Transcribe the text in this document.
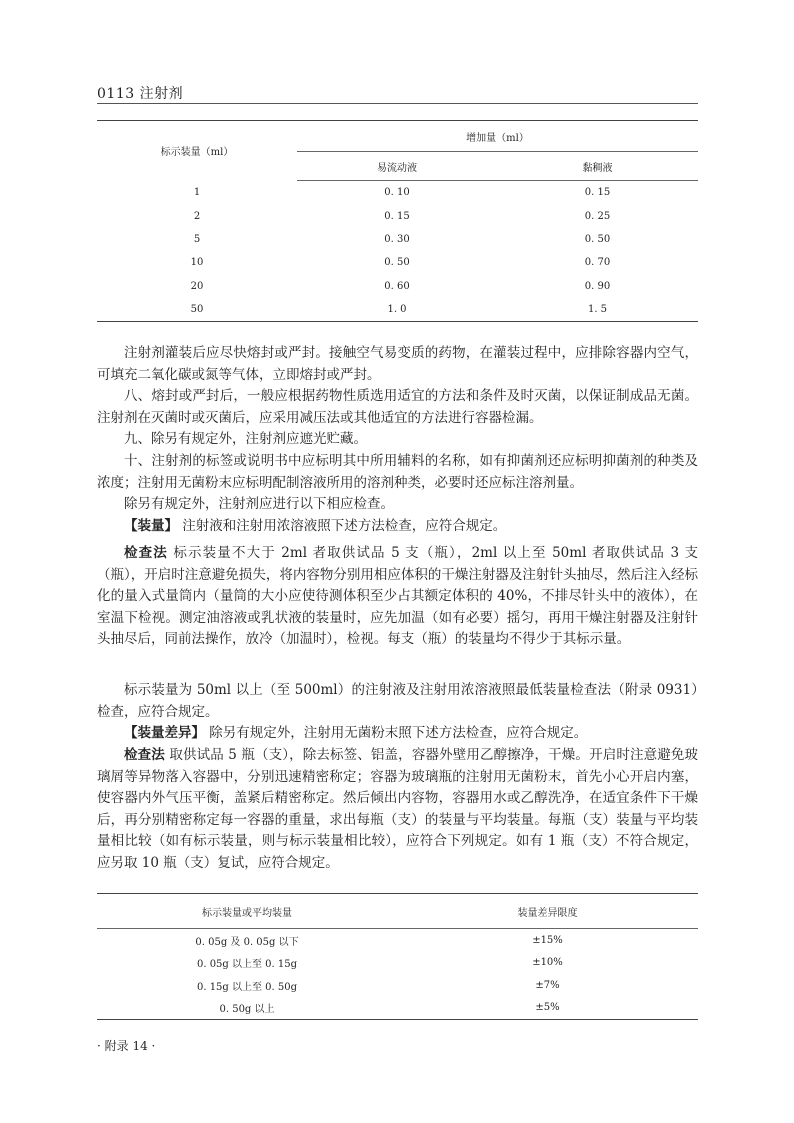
0113 注射剂
标示装量（ml）	增加量（ml）	
	易流动液	黏稠液
1	0. 10	0. 15
2	0. 15	0. 25
5	0. 30	0. 50
10	0. 50	0. 70
20	0. 60	0. 90
50	1. 0	1. 5

注射剂灌装后应尽快熔封或严封。接触空气易变质的药物，在灌装过程中，应排除容器内空气，可填充二氧化碳或氮等气体，立即熔封或严封。

八、熔封或严封后，一般应根据药物性质选用适宜的方法和条件及时灭菌，以保证制成品无菌。注射剂在灭菌时或灭菌后，应采用减压法或其他适宜的方法进行容器检漏。

九、除另有规定外，注射剂应遮光贮藏。

十、注射剂的标签或说明书中应标明其中所用辅料的名称，如有抑菌剂还应标明抑菌剂的种类及浓度；注射用无菌粉末应标明配制溶液所用的溶剂种类，必要时还应标注溶剂量。

除另有规定外，注射剂应进行以下相应检查。

【装量】 注射液和注射用浓溶液照下述方法检查，应符合规定。

检查法 标示装量不大于 2ml 者取供试品 5 支（瓶），2ml 以上至 50ml 者取供试品 3 支（瓶），开启时注意避免损失，将内容物分别用相应体积的干燥注射器及注射针头抽尽，然后注入经标化的量入式量筒内（量筒的大小应使待测体积至少占其额定体积的 40%，不排尽针头中的液体），在室温下检视。测定油溶液或乳状液的装量时，应先加温（如有必要）摇匀，再用干燥注射器及注射针头抽尽后，同前法操作，放冷（加温时），检视。每支（瓶）的装量均不得少于其标示量。

标示装量为 50ml 以上（至 500ml）的注射液及注射用浓溶液照最低装量检查法（附录 0931）检查，应符合规定。

【装量差异】 除另有规定外，注射用无菌粉末照下述方法检查，应符合规定。

检查法 取供试品 5 瓶（支），除去标签、铝盖，容器外壁用乙醇擦净，干燥。开启时注意避免玻璃屑等异物落入容器中，分别迅速精密称定；容器为玻璃瓶的注射用无菌粉末，首先小心开启内塞，使容器内外气压平衡，盖紧后精密称定。然后倾出内容物，容器用水或乙醇洗净，在适宜条件下干燥后，再分别精密称定每一容器的重量，求出每瓶（支）的装量与平均装量。每瓶（支）装量与平均装量相比较（如有标示装量，则与标示装量相比较），应符合下列规定。如有 1 瓶（支）不符合规定，应另取 10 瓶（支）复试，应符合规定。

标示装量或平均装量	装量差异限度
0. 05g 及 0. 05g 以下	±15%
0. 05g 以上至 0. 15g	±10%
0. 15g 以上至 0. 50g	±7%
0. 50g 以上	±5%
· 附录 14 ·
